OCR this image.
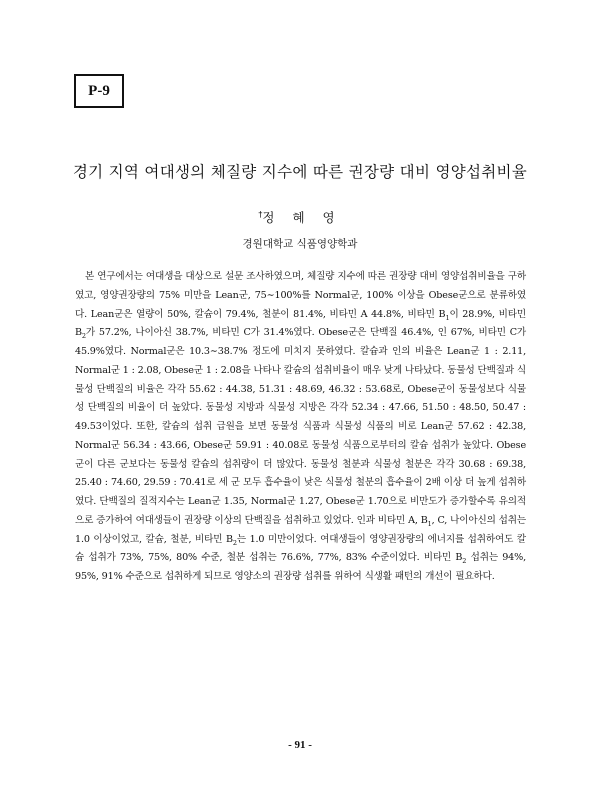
P-9
경기 지역 여대생의 체질량 지수에 따른 권장량 대비 영양섭취비율
†정 혜 영
경원대학교 식품영양학과

본 연구에서는 여대생을 대상으로 설문 조사하였으며, 체질량 지수에 따른 권장량 대비 영양섭취비율을 구하였고, 영양권장량의 75% 미만을 Lean군, 75∼100%를 Normal군, 100% 이상을 Obese군으로 분류하였다. Lean군은 열량이 50%, 칼슘이 79.4%, 철분이 81.4%, 비타민 A 44.8%, 비타민 $B_1$이 28.9%, 비타민 $B_2$가 57.2%, 나이아신 38.7%, 비타민 C가 31.4%였다. Obese군은 단백질 46.4%, 인 67%, 비타민 C가 45.9%였다. Normal군은 10.3∼38.7% 정도에 미치지 못하였다. 칼슘과 인의 비율은 Lean군 1 : 2.11, Normal군 1 : 2.08, Obese군 1 : 2.08을 나타나 칼슘의 섭취비율이 매우 낮게 나타났다. 동물성 단백질과 식물성 단백질의 비율은 각각 55.62 : 44.38, 51.31 : 48.69, 46.32 : 53.68로, Obese군이 동물성보다 식물성 단백질의 비율이 더 높았다. 동물성 지방과 식물성 지방은 각각 52.34 : 47.66, 51.50 : 48.50, 50.47 : 49.53이었다. 또한, 칼슘의 섭취 급원을 보면 동물성 식품과 식물성 식품의 비로 Lean군 57.62 : 42.38, Normal군 56.34 : 43.66, Obese군 59.91 : 40.08로 동물성 식품으로부터의 칼슘 섭취가 높았다. Obese군이 다른 군보다는 동물성 칼슘의 섭취량이 더 많았다. 동물성 철분과 식물성 철분은 각각 30.68 : 69.38, 25.40 : 74.60, 29.59 : 70.41로 세 군 모두 흡수율이 낮은 식물성 철분의 흡수율이 2배 이상 더 높게 섭취하였다. 단백질의 질적지수는 Lean군 1.35, Normal군 1.27, Obese군 1.70으로 비만도가 증가할수록 유의적으로 증가하여 여대생들이 권장량 이상의 단백질을 섭취하고 있었다. 인과 비타민 A, $B_1$, C, 나이아신의 섭취는 1.0 이상이었고, 칼슘, 철분, 비타민 $B_2$는 1.0 미만이었다. 여대생들이 영양권장량의 에너지를 섭취하여도 칼슘 섭취가 73%, 75%, 80% 수준, 철분 섭취는 76.6%, 77%, 83% 수준이었다. 비타민 $B_2$ 섭취는 94%, 95%, 91% 수준으로 섭취하게 되므로 영양소의 권장량 섭취를 위하여 식생활 패턴의 개선이 필요하다.

- 91 -
